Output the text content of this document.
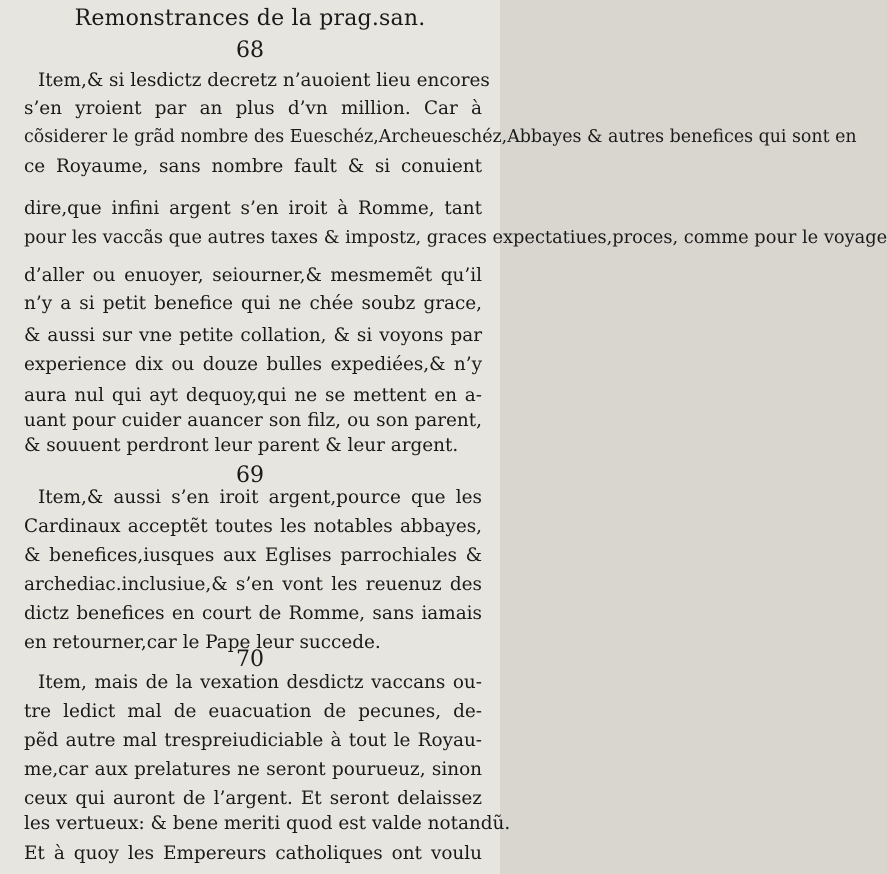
Remonstrances de la prag.san.
68
Item,& si lesdictz decretz n’auoient lieu encores
s’en yroient par an plus d’vn million. Car à
cõsiderer le grãd nombre des Eueschéz,Archeueschéz,Abbayes & autres benefices qui sont en
ce Royaume, sans nombre fault & si conuient
dire,que infini argent s’en iroit à Romme, tant
pour les vaccãs que autres taxes & impostz, graces expectatiues,proces, comme pour le voyage
d’aller ou enuoyer, seiourner,& mesmemẽt qu’il
n’y a si petit benefice qui ne chée soubz grace,
& aussi sur vne petite collation, & si voyons par
experience dix ou douze bulles expediées,& n’y
aura nul qui ayt dequoy,qui ne se mettent en a-
uant pour cuider auancer son filz, ou son parent,
& souuent perdront leur parent & leur argent.
69
Item,& aussi s’en iroit argent,pource que les
Cardinaux acceptẽt toutes les notables abbayes,
& benefices,iusques aux Eglises parrochiales &
archediac.inclusiue,& s’en vont les reuenuz des
dictz benefices en court de Romme, sans iamais
en retourner,car le Pape leur succede.
70
Item, mais de la vexation desdictz vaccans ou-
tre ledict mal de euacuation de pecunes, de-
pẽd autre mal trespreiudiciable à tout le Royau-
me,car aux prelatures ne seront pourueuz, sinon
ceux qui auront de l’argent. Et seront delaissez
les vertueux: & bene meriti quod est valde notandũ.
Et à quoy les Empereurs catholiques ont voulu
